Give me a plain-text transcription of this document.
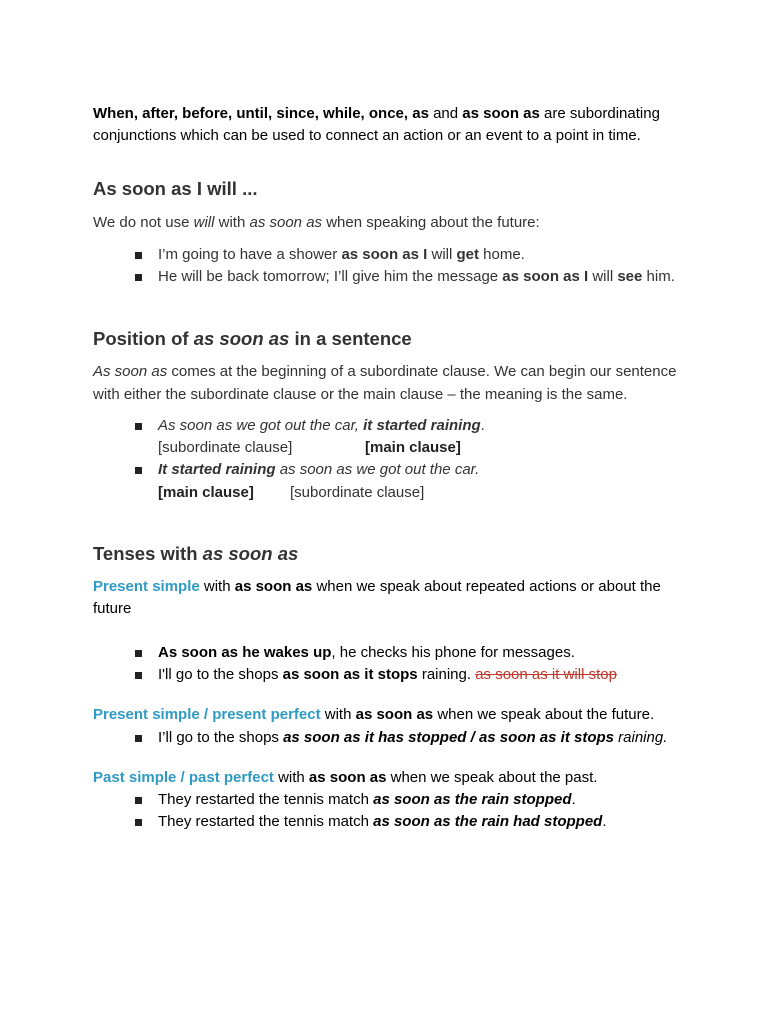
When, after, before, until, since, while, once, as and as soon as are subordinating conjunctions which can be used to connect an action or an event to a point in time.

As soon as I will ...

We do not use will with as soon as when speaking about the future:

I’m going to have a shower as soon as I will get home.
He will be back tomorrow; I’ll give him the message as soon as I will see him.
Position of as soon as in a sentence

As soon as comes at the beginning of a subordinate clause. We can begin our sentence with either the subordinate clause or the main clause – the meaning is the same.

As soon as we got out the car, it started raining.
[subordinate clause]	[main clause]
It started raining as soon as we got out the car.
[main clause] [subordinate clause]
Tenses with as soon as

Present simple with as soon as when we speak about repeated actions or about the future

As soon as he wakes up, he checks his phone for messages.
I'll go to the shops as soon as it stops raining. as soon as it will stop

Present simple / present perfect with as soon as when we speak about the future.

I’ll go to the shops as soon as it has stopped / as soon as it stops raining.

Past simple / past perfect with as soon as when we speak about the past.

They restarted the tennis match as soon as the rain stopped.
They restarted the tennis match as soon as the rain had stopped.
